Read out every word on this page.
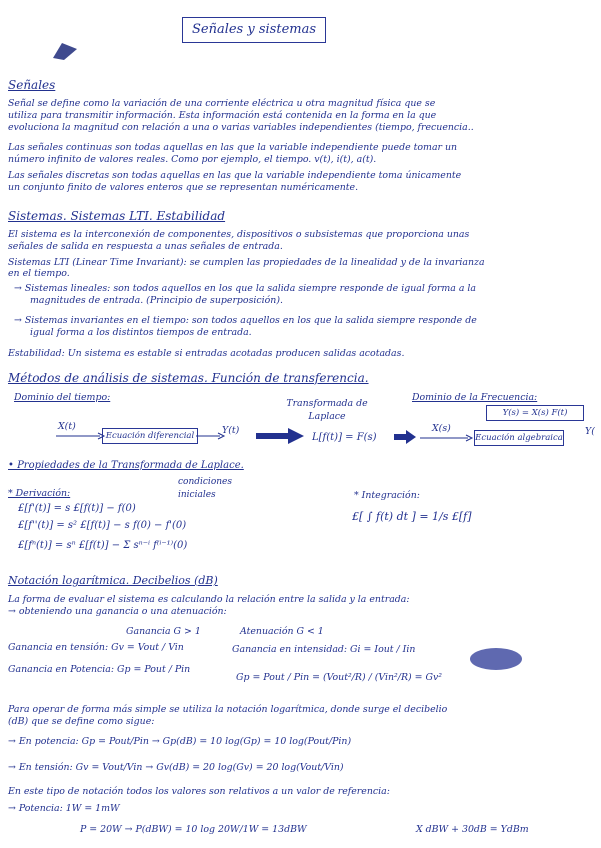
Señales y sistemas
Señales
Señal se define como la variación de una corriente eléctrica u otra magnitud física que se
utiliza para transmitir información. Esta información está contenida en la forma en la que
evoluciona la magnitud con relación a una o varias variables independientes (tiempo, frecuencia..
Las señales continuas son todas aquellas en las que la variable independiente puede tomar un
número infinito de valores reales. Como por ejemplo, el tiempo. v(t), i(t), a(t).
Las señales discretas son todas aquellas en las que la variable independiente toma únicamente
un conjunto finito de valores enteros que se representan numéricamente.
Sistemas. Sistemas LTI. Estabilidad
El sistema es la interconexión de componentes, dispositivos o subsistemas que proporciona unas
señales de salida en respuesta a unas señales de entrada.
Sistemas LTI (Linear Time Invariant): se cumplen las propiedades de la linealidad y de la invarianza
en el tiempo.
→ Sistemas lineales: son todos aquellos en los que la salida siempre responde de igual forma a la
magnitudes de entrada. (Principio de superposición).
→ Sistemas invariantes en el tiempo: son todos aquellos en los que la salida siempre responde de
igual forma a los distintos tiempos de entrada.
Estabilidad: Un sistema es estable si entradas acotadas producen salidas acotadas.
Métodos de análisis de sistemas. Función de transferencia.
Dominio del tiempo:
Transformada de Laplace
Dominio de la Frecuencia:
Y(s) = X(s) F(t)
X(t)
Ecuación diferencial	Y(t)
L[f(t)] = F(s)
X(s)
Ecuación algebraica
Y(
• Propiedades de la Transformada de Laplace.
* Derivación:
condiciones iniciales
£[f'(t)] = s £[f(t)] − f(0)
£[f''(t)] = s² £[f(t)] − s f(0) − f'(0)
£[fⁿ(t)] = sⁿ £[f(t)] − Σ sⁿ⁻ⁱ f⁽ⁱ⁻¹⁾(0)
* Integración:
£[ ∫ f(t) dt ] = 1/s £[f]
Notación logarítmica. Decibelios (dB)
La forma de evaluar el sistema es calculando la relación entre la salida y la entrada:
→ obteniendo una ganancia o una atenuación:
Ganancia G > 1	Atenuación G < 1
Ganancia en tensión: Gv = Vout / Vin	Ganancia en intensidad: Gi = Iout / Iin
Ganancia en Potencia: Gp = Pout / Pin
Gp = Pout / Pin = (Vout²/R) / (Vin²/R) = Gv²
Para operar de forma más simple se utiliza la notación logarítmica, donde surge el decibelio
(dB) que se define como sigue:
→ En potencia: Gp = Pout/Pin → Gp(dB) = 10 log(Gp) = 10 log(Pout/Pin)
→ En tensión: Gv = Vout/Vin → Gv(dB) = 20 log(Gv) = 20 log(Vout/Vin)
En este tipo de notación todos los valores son relativos a un valor de referencia:
→ Potencia: 1W = 1mW
P = 20W → P(dBW) = 10 log 20W/1W = 13dBW	X dBW + 30dB = YdBm
